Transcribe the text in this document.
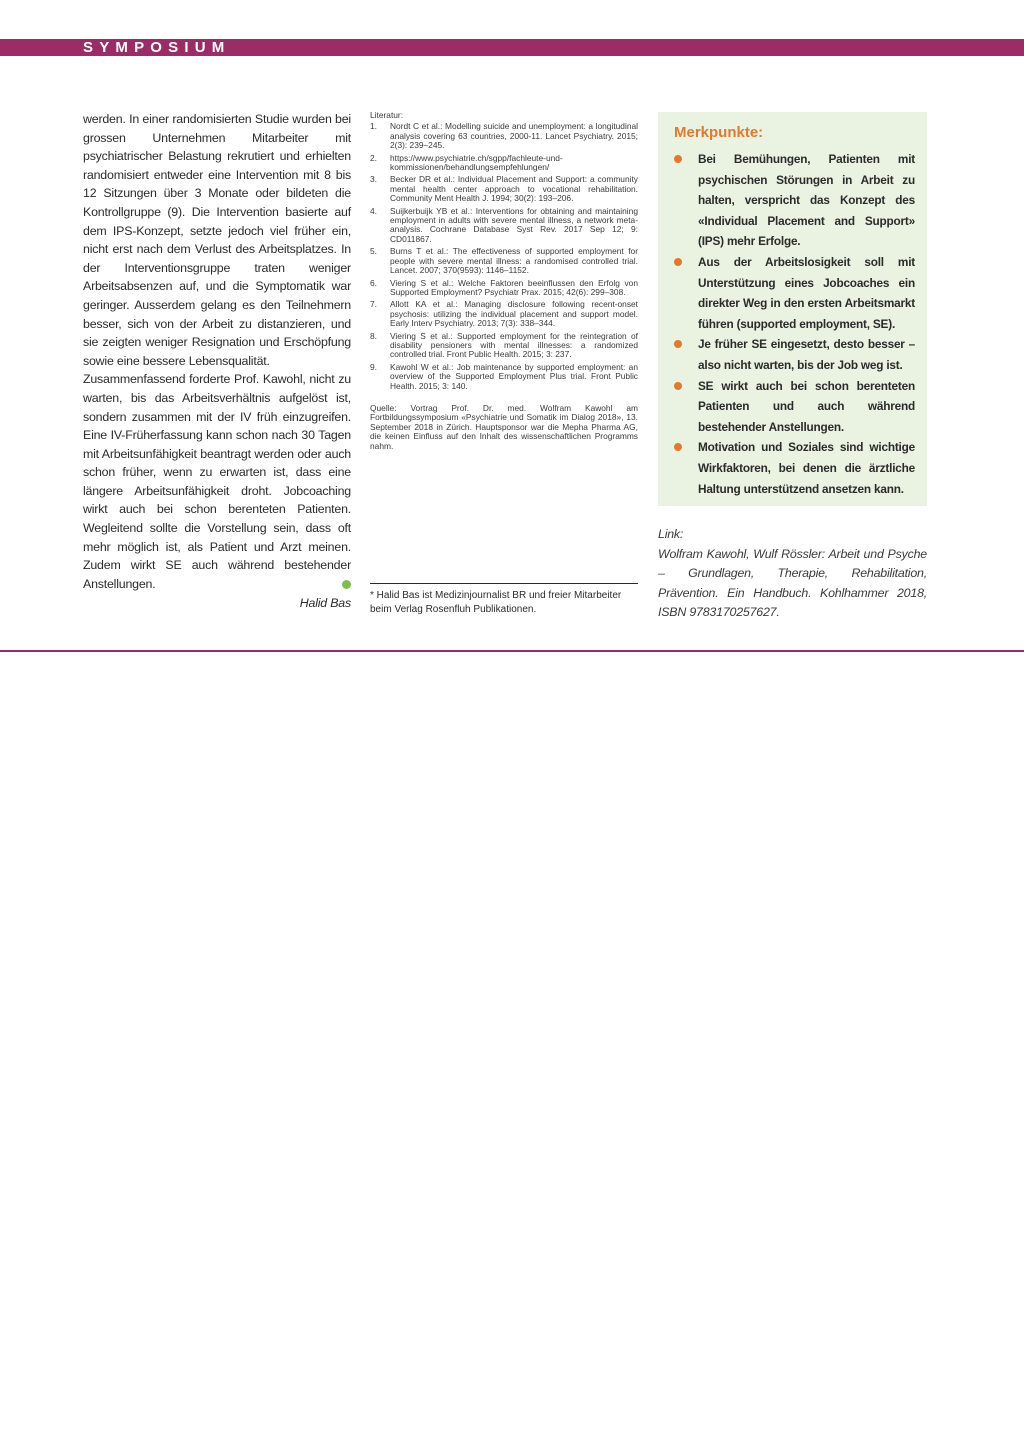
SYMPOSIUM

werden. In einer randomisierten Studie wurden bei grossen Unternehmen Mitarbeiter mit psychiatrischer Belastung rekrutiert und erhielten randomisiert entweder eine Intervention mit 8 bis 12 Sitzungen über 3 Monate oder bildeten die Kontrollgruppe (9). Die Intervention basierte auf dem IPS-Konzept, setzte jedoch viel früher ein, nicht erst nach dem Verlust des Arbeitsplatzes. In der Interventionsgruppe traten weniger Arbeitsabsenzen auf, und die Symptomatik war geringer. Ausserdem gelang es den Teilnehmern besser, sich von der Arbeit zu distanzieren, und sie zeigten weniger Resignation und Erschöpfung sowie eine bessere Lebensqualität.

Zusammenfassend forderte Prof. Kawohl, nicht zu warten, bis das Arbeitsverhältnis aufgelöst ist, sondern zusammen mit der IV früh einzugreifen. Eine IV-Früherfassung kann schon nach 30 Tagen mit Arbeitsunfähigkeit beantragt werden oder auch schon früher, wenn zu erwarten ist, dass eine längere Arbeitsunfähigkeit droht. Jobcoaching wirkt auch bei schon berenteten Patienten. Wegleitend sollte die Vorstellung sein, dass oft mehr möglich ist, als Patient und Arzt meinen. Zudem wirkt SE auch während bestehender Anstellungen.

Halid Bas
Literatur:
1. Nordt C et al.: Modelling suicide and unemployment: a longitudinal analysis covering 63 countries, 2000-11. Lancet Psychiatry. 2015; 2(3): 239–245.
2. https://www.psychiatrie.ch/sgpp/fachleute-und-kommissionen/behandlungsempfehlungen/
3. Becker DR et al.: Individual Placement and Support: a community mental health center approach to vocational rehabilitation. Community Ment Health J. 1994; 30(2): 193–206.
4. Suijkerbuijk YB et al.: Interventions for obtaining and maintaining employment in adults with severe mental illness, a network meta-analysis. Cochrane Database Syst Rev. 2017 Sep 12; 9: CD011867.
5. Burns T et al.: The effectiveness of supported employment for people with severe mental illness: a randomised controlled trial. Lancet. 2007; 370(9593): 1146–1152.
6. Viering S et al.: Welche Faktoren beeinflussen den Erfolg von Supported Employment? Psychiatr Prax. 2015; 42(6): 299–308.
7. Allott KA et al.: Managing disclosure following recent-onset psychosis: utilizing the individual placement and support model. Early Interv Psychiatry. 2013; 7(3): 338–344.
8. Viering S et al.: Supported employment for the reintegration of disability pensioners with mental illnesses: a randomized controlled trial. Front Public Health. 2015; 3: 237.
9. Kawohl W et al.: Job maintenance by supported employment: an overview of the Supported Employment Plus trial. Front Public Health. 2015; 3: 140.
Quelle: Vortrag Prof. Dr. med. Wolfram Kawohl am Fortbildungssymposium «Psychiatrie und Somatik im Dialog 2018», 13. September 2018 in Zürich. Hauptsponsor war die Mepha Pharma AG, die keinen Einfluss auf den Inhalt des wissenschaftlichen Programms nahm.
* Halid Bas ist Medizinjournalist BR und freier Mitarbeiter beim Verlag Rosenfluh Publikationen.
Merkpunkte:
Bei Bemühungen, Patienten mit psychischen Störungen in Arbeit zu halten, verspricht das Konzept des «Individual Placement and Support» (IPS) mehr Erfolge.
Aus der Arbeitslosigkeit soll mit Unterstützung eines Jobcoaches ein direkter Weg in den ersten Arbeitsmarkt führen (supported employment, SE).
Je früher SE eingesetzt, desto besser – also nicht warten, bis der Job weg ist.
SE wirkt auch bei schon berenteten Patienten und auch während bestehender Anstellungen.
Motivation und Soziales sind wichtige Wirkfaktoren, bei denen die ärztliche Haltung unterstützend ansetzen kann.

Link:

Wolfram Kawohl, Wulf Rössler: Arbeit und Psyche – Grundlagen, Therapie, Rehabilitation, Prävention. Ein Handbuch. Kohlhammer 2018, ISBN 9783170257627.
